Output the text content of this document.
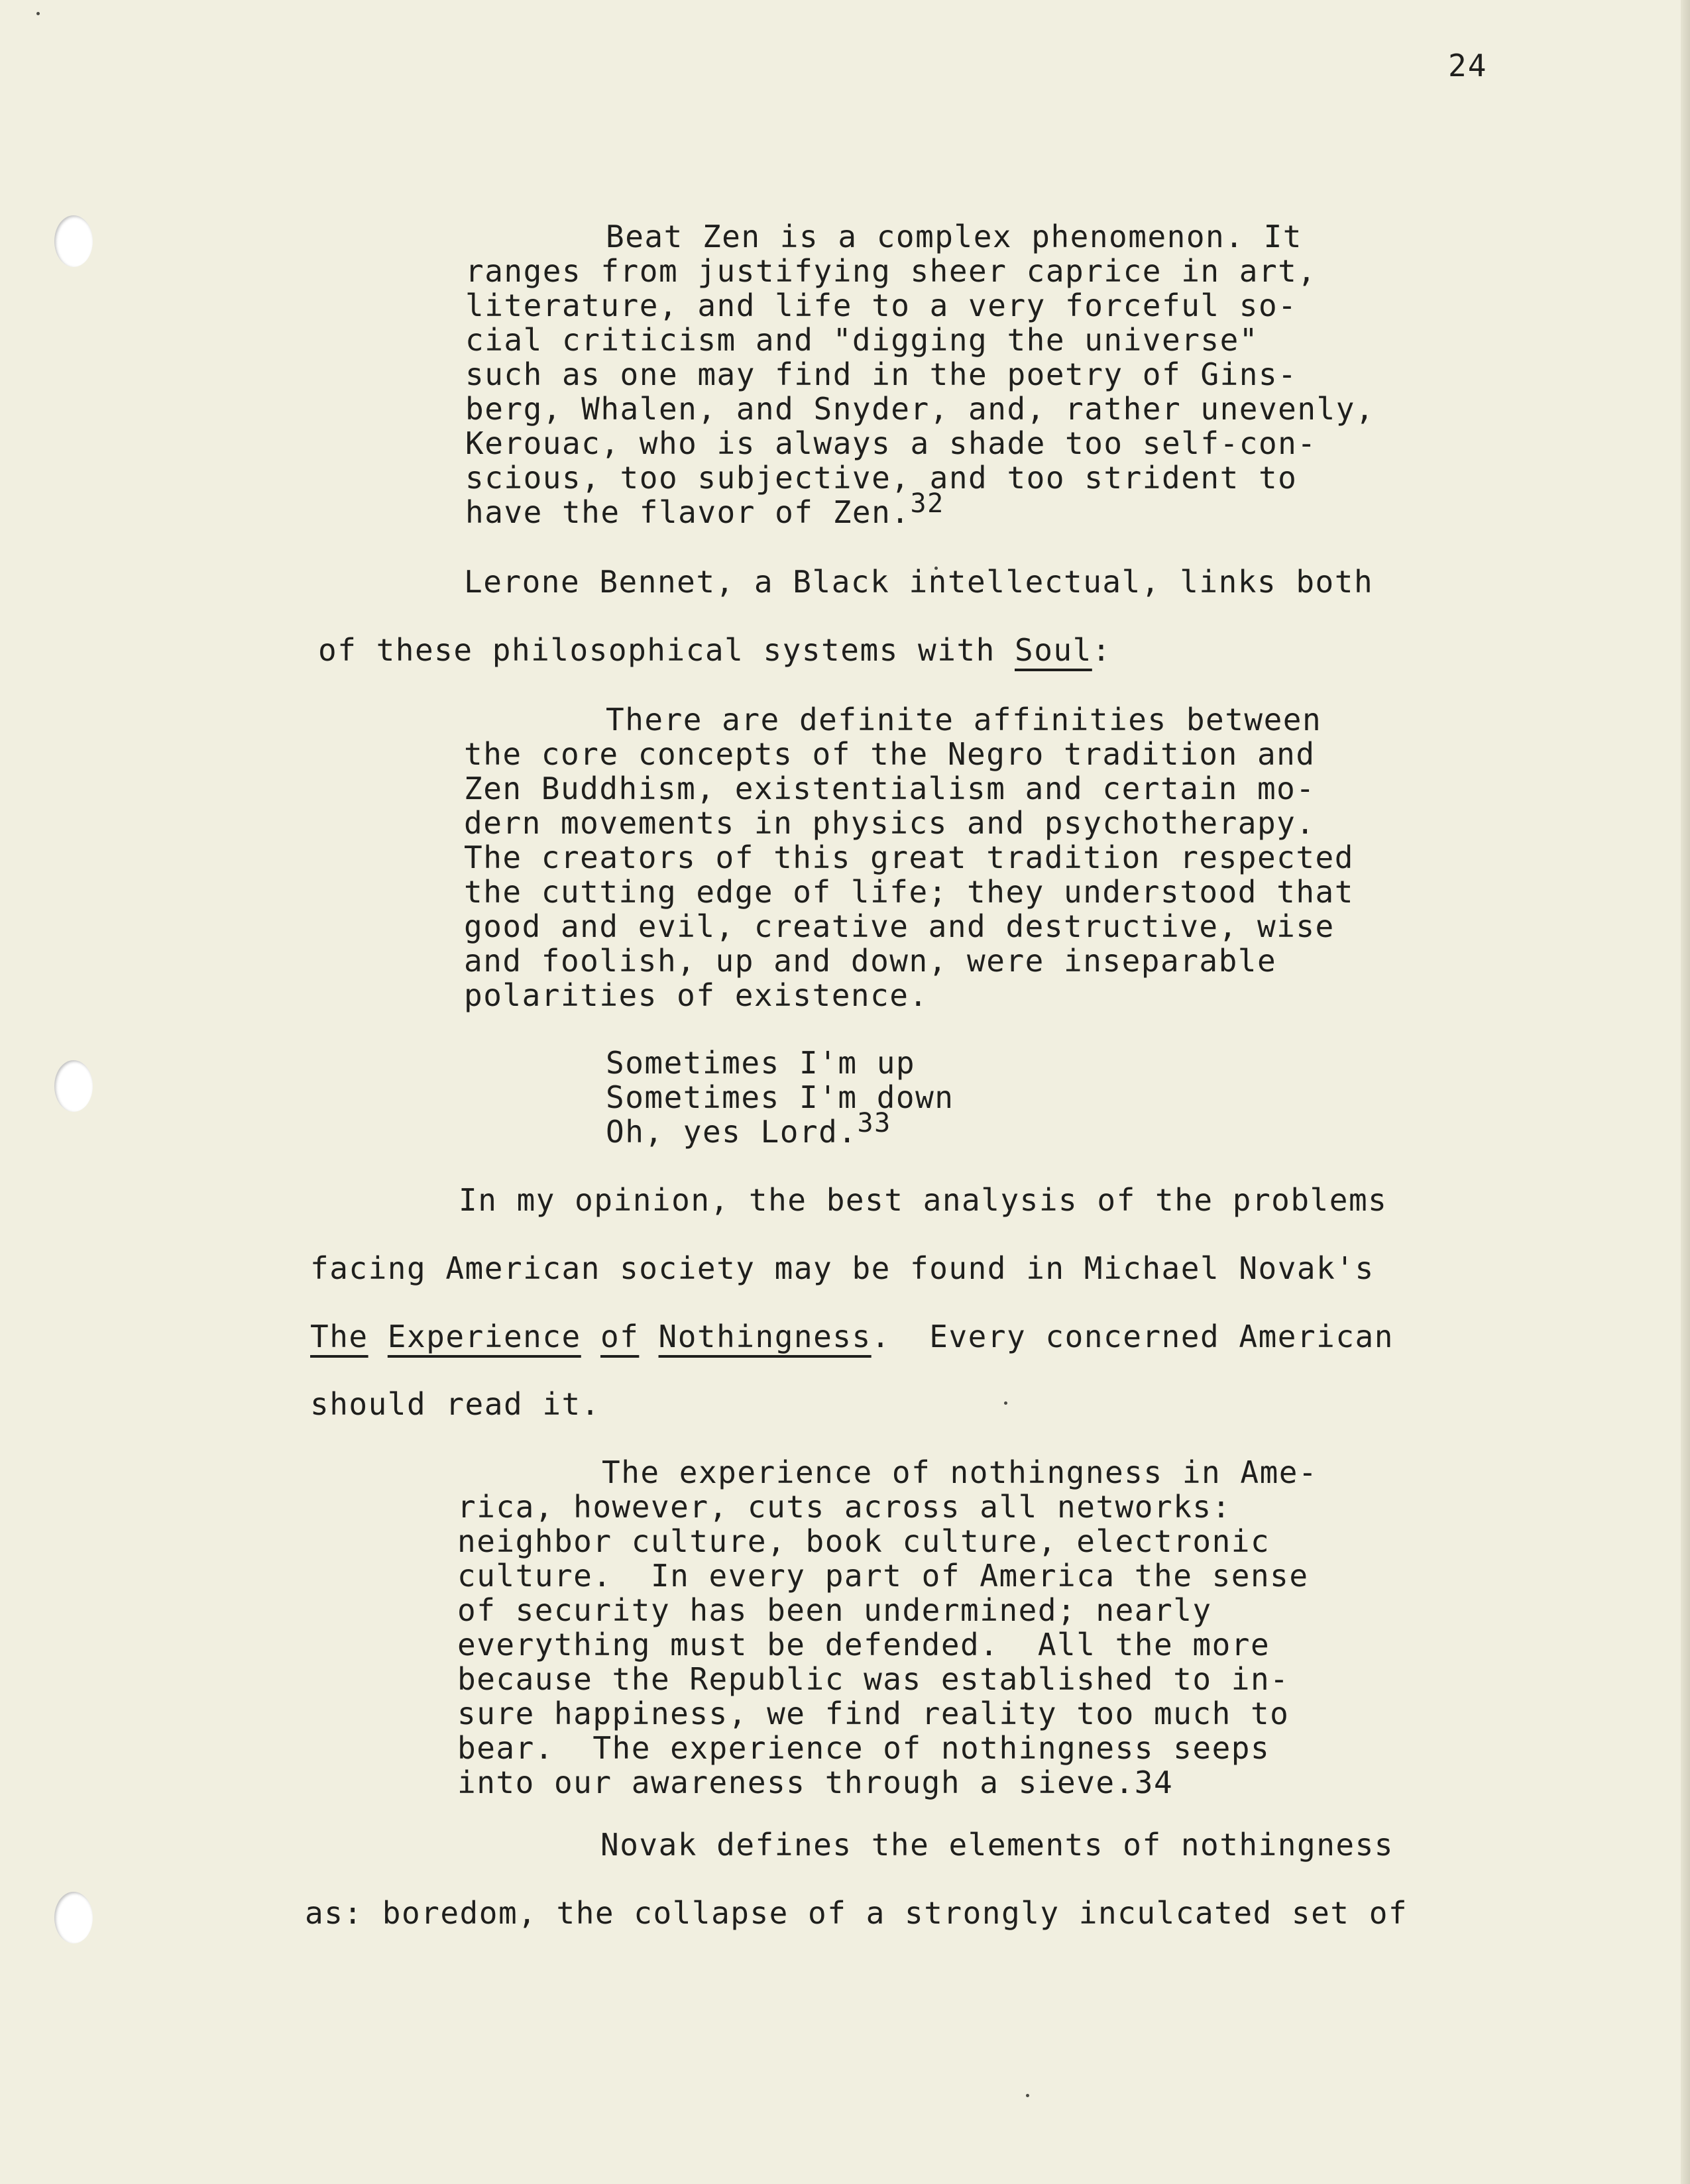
24
Beat Zen is a complex phenomenon. It
ranges from justifying sheer caprice in art,
literature, and life to a very forceful so-
cial criticism and "digging the universe"
such as one may find in the poetry of Gins-
berg, Whalen, and Snyder, and, rather unevenly,
Kerouac, who is always a shade too self-con-
scious, too subjective, and too strident to
have the flavor of Zen.32
Lerone Bennet, a Black intellectual, links both
of these philosophical systems with Soul:
There are definite affinities between
the core concepts of the Negro tradition and
Zen Buddhism, existentialism and certain mo-
dern movements in physics and psychotherapy.
The creators of this great tradition respected
the cutting edge of life; they understood that
good and evil, creative and destructive, wise
and foolish, up and down, were inseparable
polarities of existence.
Sometimes I'm up
Sometimes I'm down
Oh, yes Lord.33
In my opinion, the best analysis of the problems
facing American society may be found in Michael Novak's
The Experience of Nothingness.  Every concerned American
should read it.
The experience of nothingness in Ame-
rica, however, cuts across all networks:
neighbor culture, book culture, electronic
culture.  In every part of America the sense
of security has been undermined; nearly
everything must be defended.  All the more
because the Republic was established to in-
sure happiness, we find reality too much to
bear.  The experience of nothingness seeps
into our awareness through a sieve.34
Novak defines the elements of nothingness
as: boredom, the collapse of a strongly inculcated set of
